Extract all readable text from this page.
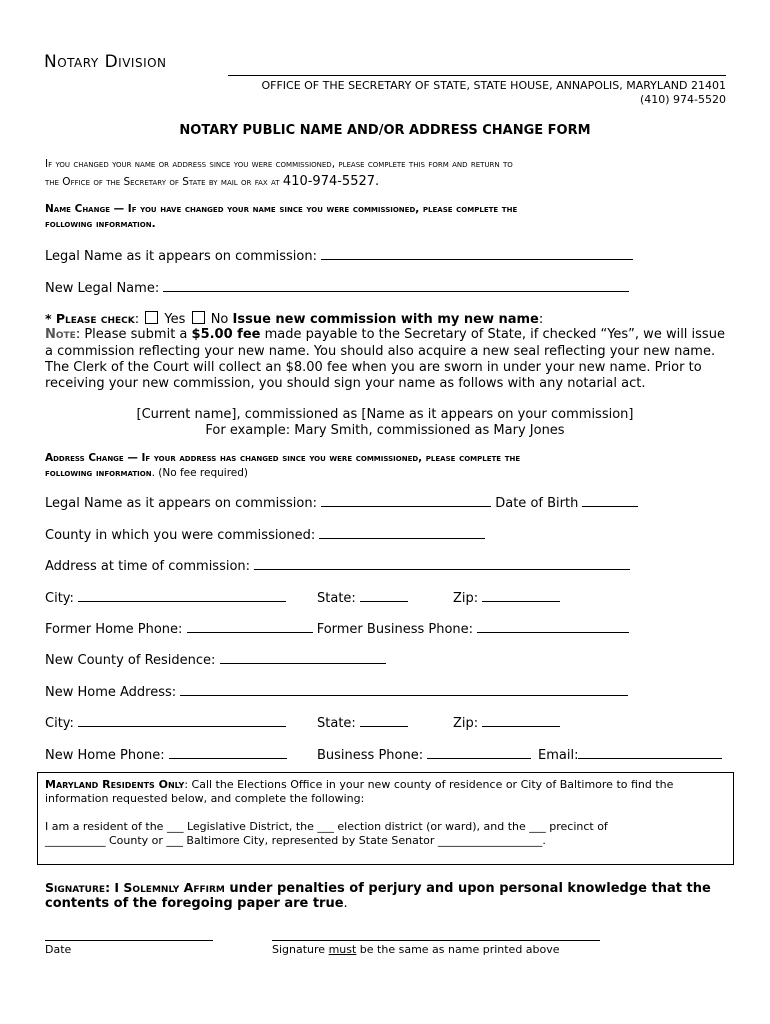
Notary Division
OFFICE OF THE SECRETARY OF STATE, STATE HOUSE, ANNAPOLIS, MARYLAND 21401
(410) 974-5520
NOTARY PUBLIC NAME AND/OR ADDRESS CHANGE FORM
If you changed your name or address since you were commissioned, please complete this form and return to
the Office of the Secretary of State by mail or fax at 410-974-5527.
Name Change — If you have changed your name since you were commissioned, please complete the
following information.
Legal Name as it appears on commission:
New Legal Name:
* Please check:  Yes No Issue new commission with my new name:
Note: Please submit a $5.00 fee made payable to the Secretary of State, if checked “Yes”, we will issue
a commission reflecting your new name. You should also acquire a new seal reflecting your new name.
The Clerk of the Court will collect an $8.00 fee when you are sworn in under your new name. Prior to
receiving your new commission, you should sign your name as follows with any notarial act.
[Current name], commissioned as [Name as it appears on your commission]
For example: Mary Smith, commissioned as Mary Jones
Address Change — If your address has changed since you were commissioned, please complete the
following information. (No fee required)
Legal Name as it appears on commission:	Date of Birth
County in which you were commissioned:
Address at time of commission:
City:	State:	Zip:
Former Home Phone:	Former Business Phone:
New County of Residence:
New Home Address:
City:	State:	Zip:
New Home Phone:	Business Phone:	Email:
Maryland Residents Only: Call the Elections Office in your new county of residence or City of Baltimore to find the
information requested below, and complete the following:
I am a resident of the ___ Legislative District, the ___ election district (or ward), and the ___ precinct of
___________ County or ___ Baltimore City, represented by State Senator ___________________.
Signature: I Solemnly Affirm under penalties of perjury and upon personal knowledge that the
contents of the foregoing paper are true.
Date	Signature must be the same as name printed above
